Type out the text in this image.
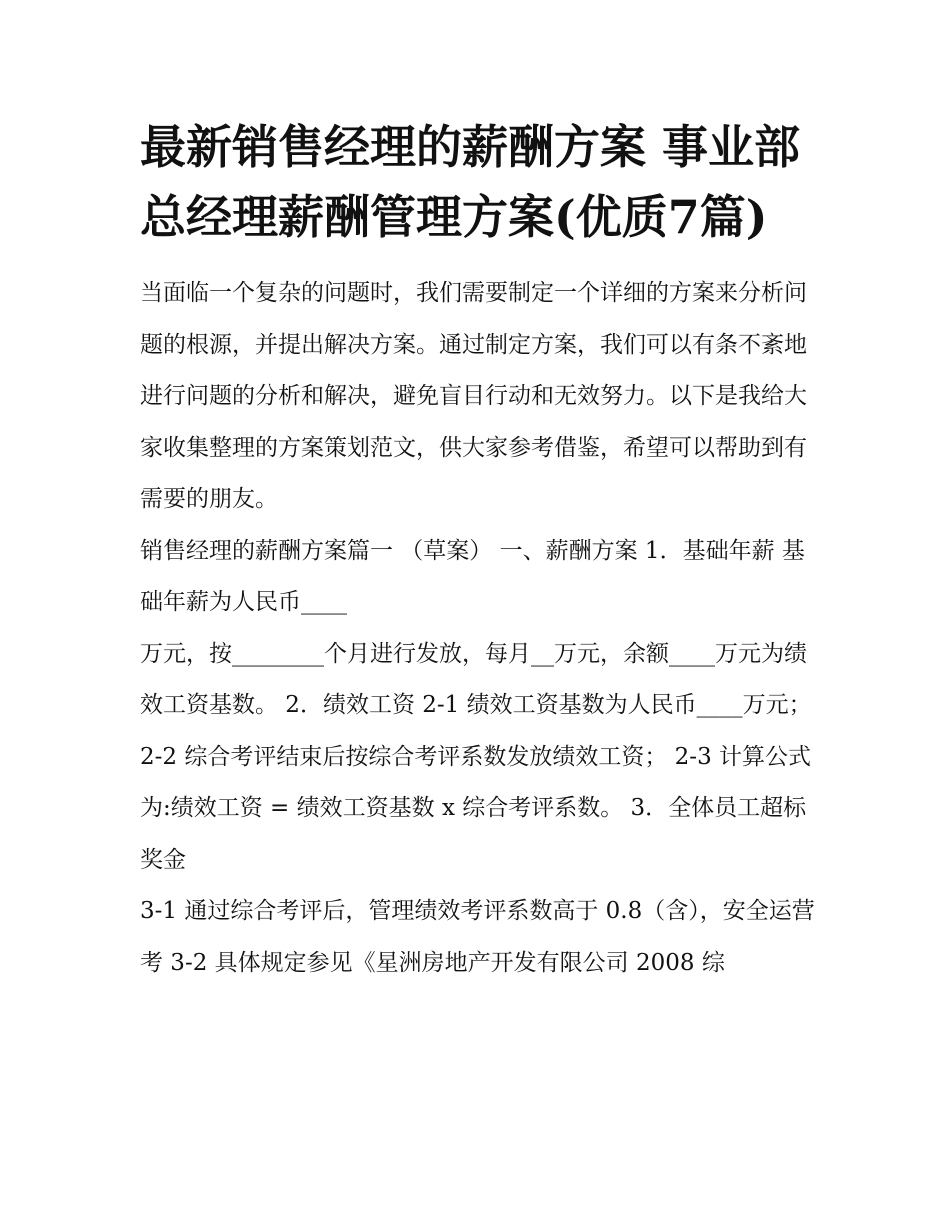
最新销售经理的薪酬方案 事业部总经理薪酬管理方案(优质7篇)

当面临一个复杂的问题时，我们需要制定一个详细的方案来分析问题的根源，并提出解决方案。通过制定方案，我们可以有条不紊地进行问题的分析和解决，避免盲目行动和无效努力。以下是我给大家收集整理的方案策划范文，供大家参考借鉴，希望可以帮助到有需要的朋友。

销售经理的薪酬方案篇一 （草案） 一、薪酬方案 1．基础年薪 基础年薪为人民币____

万元，按________个月进行发放，每月__万元，余额____万元为绩效工资基数。 2．绩效工资 2-1 绩效工资基数为人民币____万元；

2-2 综合考评结束后按综合考评系数发放绩效工资； 2-3 计算公式为:绩效工资 = 绩效工资基数 x 综合考评系数。 3．全体员工超标奖金

3-1 通过综合考评后，管理绩效考评系数高于 0.8（含），安全运营考 3-2 具体规定参见《星洲房地产开发有限公司 2008 综
